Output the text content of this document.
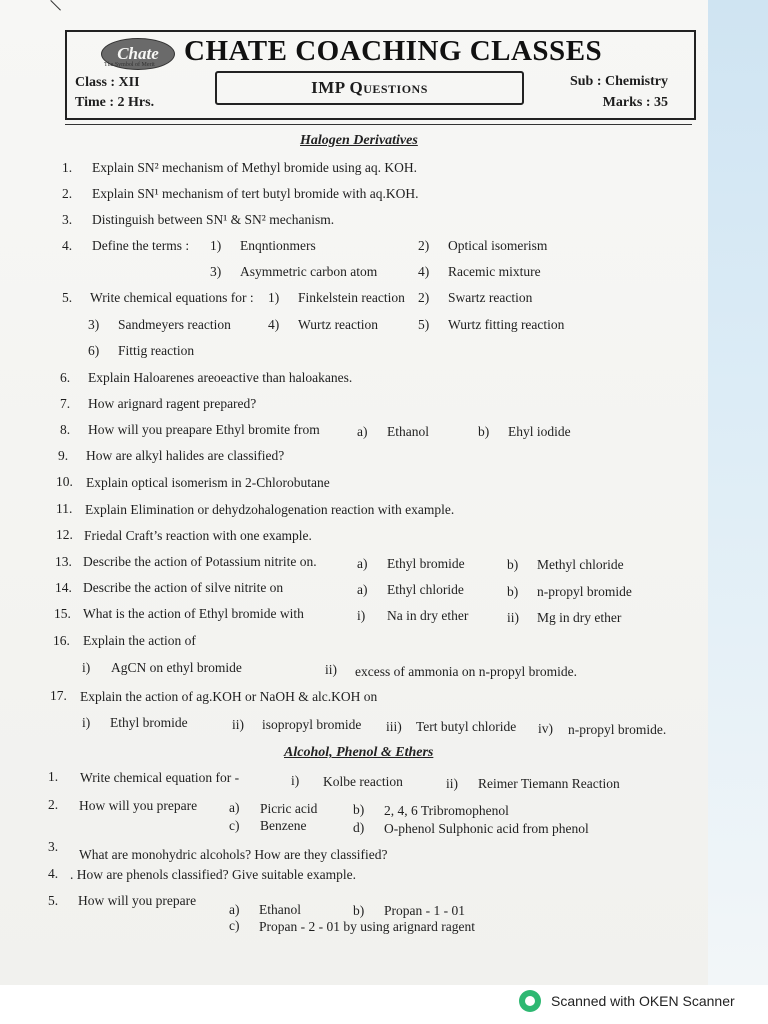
Chate
The Symbol of Merit CHATE COACHING CLASSES
Class : XII
Time : 2 Hrs.
IMP Questions	Sub : Chemistry
Marks : 35
Halogen Derivatives
1. Explain SN² mechanism of Methyl bromide using aq. KOH.
2. Explain SN¹ mechanism of tert butyl bromide with aq.KOH.
3. Distinguish between SN¹ & SN² mechanism.
4. Define the terms : 1) Enqntionmers	2) Optical isomerism
3) Asymmetric carbon atom	4) Racemic mixture
5. Write chemical equations for : 1) Finkelstein reaction 2) Swartz reaction
3) Sandmeyers reaction	4) Wurtz reaction	5) Wurtz fitting reaction
6) Fittig reaction
6. Explain Haloarenes areoeactive than haloakanes.
7. How arignard ragent prepared?
8. How will you preapare Ethyl bromite from	a) Ethanol	b) Ehyl iodide
9. How are alkyl halides are classified?
10. Explain optical isomerism in 2-Chlorobutane
11. Explain Elimination or dehydzohalogenation reaction with example.
12. Friedal Craft’s reaction with one example.
13. Describe the action of Potassium nitrite on.	a) Ethyl bromide	b) Methyl chloride
14. Describe the action of silve nitrite on	a) Ethyl chloride	b) n-propyl bromide
15. What is the action of Ethyl bromide with	i) Na in dry ether	ii) Mg in dry ether
16. Explain the action of
i) AgCN on ethyl bromide	ii) excess of ammonia on n-propyl bromide.
17. Explain the action of ag.KOH or NaOH & alc.KOH on
i) Ethyl bromide	ii) isopropyl bromide iii) Tert butyl chloride iv) n-propyl bromide.
Alcohol, Phenol & Ethers
1. Write chemical equation for -	i) Kolbe reaction	ii) Reimer Tiemann Reaction
2. How will you prepare a) Picric acid	b) 2, 4, 6 Tribromophenol
c) Benzene	d) O-phenol Sulphonic acid from phenol
3.
What are monohydric alcohols? How are they classified?
4. . How are phenols classified? Give suitable example.
5. How will you prepare
a) Ethanol	b) Propan - 1 - 01
c) Propan - 2 - 01 by using arignard ragent
Scanned with OKEN Scanner
